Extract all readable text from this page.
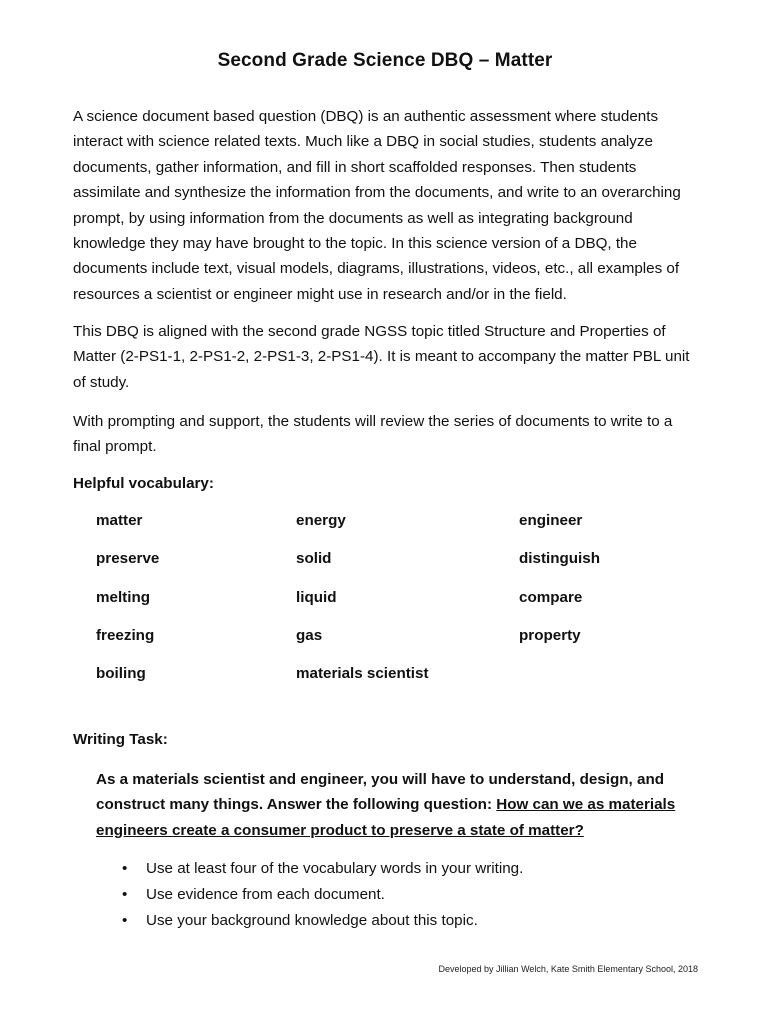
Second Grade Science DBQ – Matter
A science document based question (DBQ) is an authentic assessment where students interact with science related texts. Much like a DBQ in social studies, students analyze documents, gather information, and fill in short scaffolded responses. Then students assimilate and synthesize the information from the documents, and write to an overarching prompt, by using information from the documents as well as integrating background knowledge they may have brought to the topic. In this science version of a DBQ, the documents include text, visual models, diagrams, illustrations, videos, etc., all examples of resources a scientist or engineer might use in research and/or in the field.
This DBQ is aligned with the second grade NGSS topic titled Structure and Properties of Matter (2-PS1-1, 2-PS1-2, 2-PS1-3, 2-PS1-4). It is meant to accompany the matter PBL unit of study.
With prompting and support, the students will review the series of documents to write to a final prompt.
Helpful vocabulary:
matter	energy	engineer
preserve	solid	distinguish
melting	liquid	compare
freezing	gas	property
boiling	materials scientist
Writing Task:
As a materials scientist and engineer, you will have to understand, design, and construct many things. Answer the following question: How can we as materials engineers create a consumer product to preserve a state of matter?
• Use at least four of the vocabulary words in your writing.
• Use evidence from each document.
• Use your background knowledge about this topic.
Developed by Jillian Welch, Kate Smith Elementary School, 2018
